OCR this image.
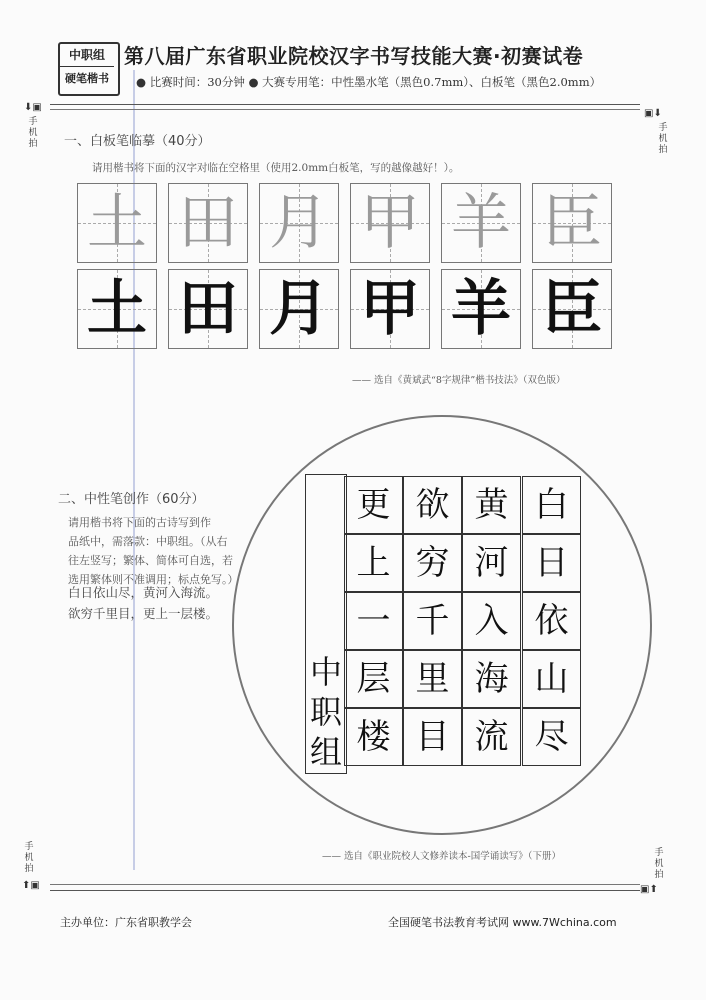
中职组
硬笔楷书
第八届广东省职业院校汉字书写技能大赛·初赛试卷
● 比赛时间：30分钟 ● 大赛专用笔：中性墨水笔（黑色0.7mm）、白板笔（黑色2.0mm）
⬇▣
手机拍
▣⬇
手机拍
手机拍
⬆▣
手机拍
▣⬆
一、白板笔临摹（40分）
请用楷书将下面的汉字对临在空格里（使用2.0mm白板笔，写的越像越好！）。
土 田 月 甲 羊 臣
土 田 月 甲 羊 臣
—— 选自《黄斌武“8字规律”楷书技法》（双色版）
二、中性笔创作（60分）
请用楷书将下面的古诗写到作
品纸中，需落款：中职组。（从右
往左竖写；繁体、简体可自选，若
选用繁体则不准调用；标点免写。）
白日依山尽，黄河入海流。
欲穷千里目，更上一层楼。
中
职
组
白
日
依
山
尽
黄
河
入
海
流
欲
穷
千
里
目
更
上
一
层
楼
—— 选自《职业院校人文修养读本-国学诵读写》（下册）
主办单位：广东省职教学会	全国硬笔书法教育考试网 www.7Wchina.com
